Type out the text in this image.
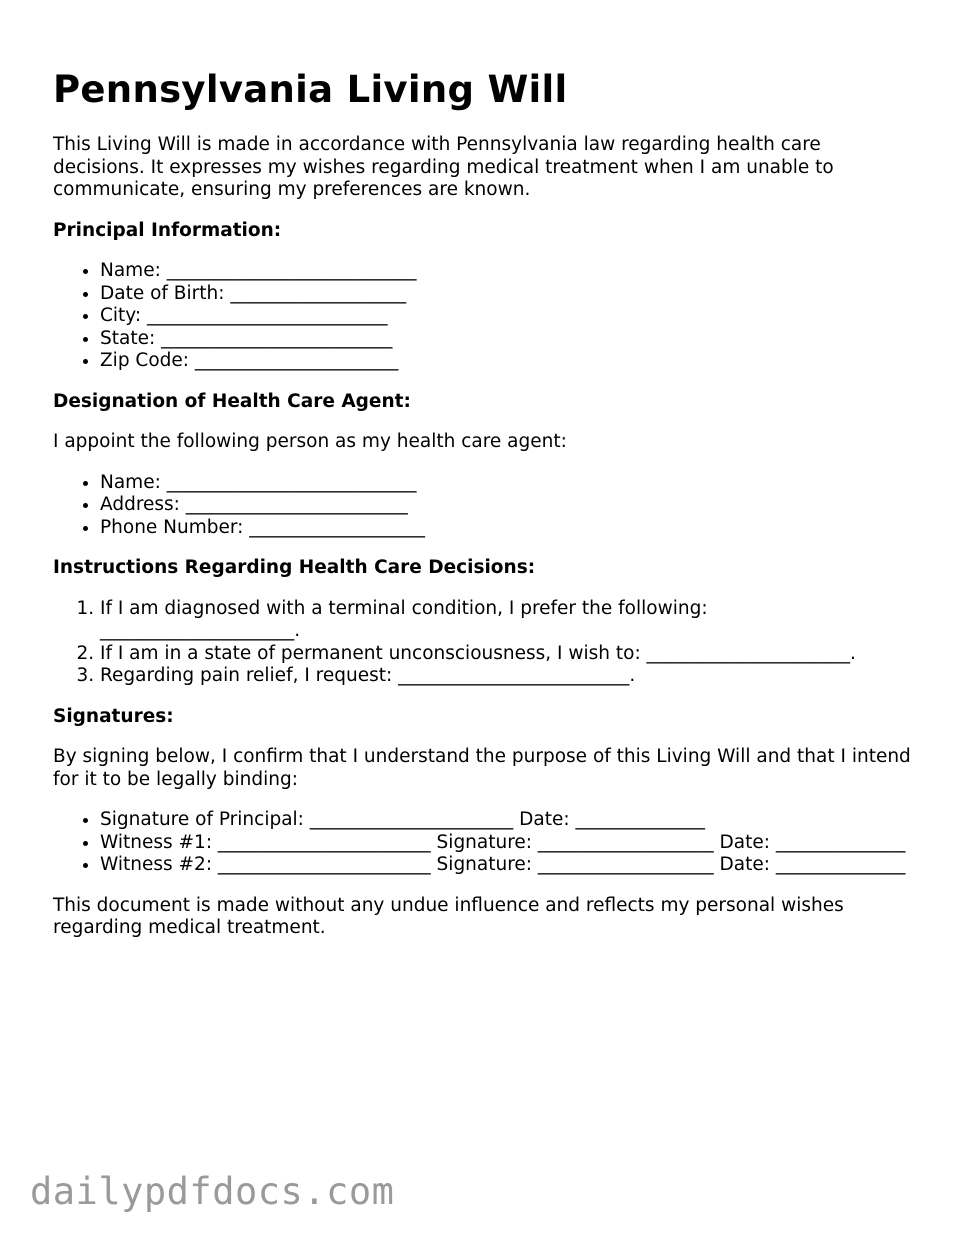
Pennsylvania Living Will

This Living Will is made in accordance with Pennsylvania law regarding health care decisions. It expresses my wishes regarding medical treatment when I am unable to communicate, ensuring my preferences are known.

Principal Information:
• Name: ___________________________
• Date of Birth: ___________________
• City: __________________________
• State: _________________________
• Zip Code: ______________________
Designation of Health Care Agent:

I appoint the following person as my health care agent:

• Name: ___________________________
• Address: ________________________
• Phone Number: ___________________
Instructions Regarding Health Care Decisions:
1. If I am diagnosed with a terminal condition, I prefer the following: _____________________.
2. If I am in a state of permanent unconsciousness, I wish to: ______________________.
3. Regarding pain relief, I request: _________________________.
Signatures:

By signing below, I confirm that I understand the purpose of this Living Will and that I intend for it to be legally binding:

• Signature of Principal: ______________________ Date: ______________
• Witness #1: _______________________ Signature: ___________________ Date: ______________
• Witness #2: _______________________ Signature: ___________________ Date: ______________

This document is made without any undue influence and reflects my personal wishes regarding medical treatment.

dailypdfdocs.com
